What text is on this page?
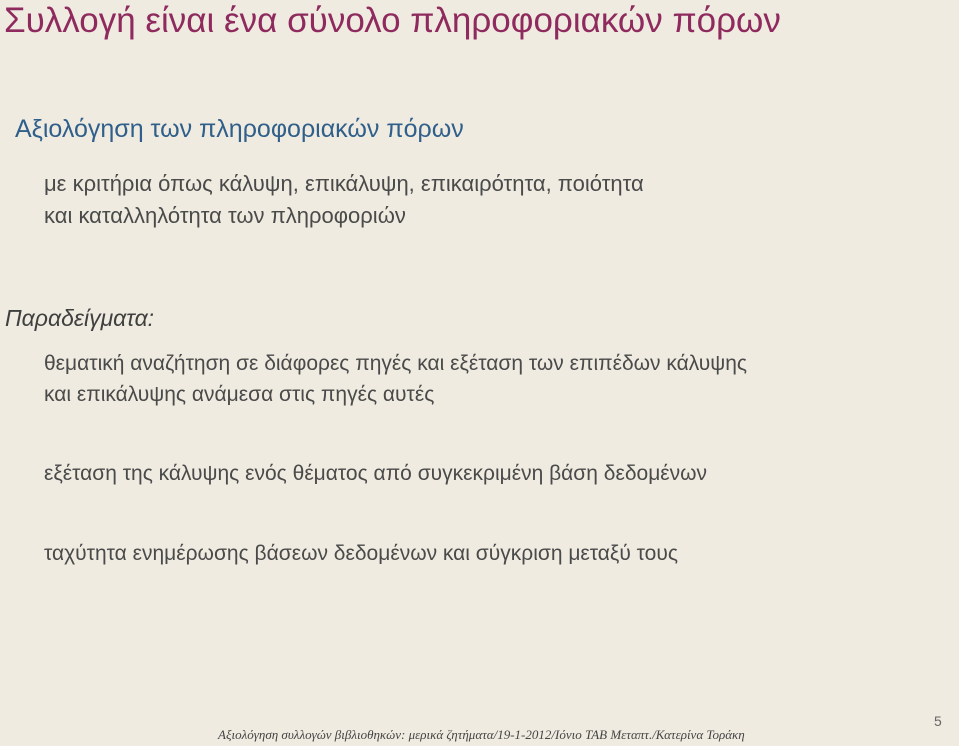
Συλλογή είναι ένα σύνολο πληροφοριακών πόρων
Αξιολόγηση των πληροφοριακών πόρων
με κριτήρια όπως κάλυψη, επικάλυψη, επικαιρότητα, ποιότητα
και καταλληλότητα των πληροφοριών
Παραδείγματα:
θεματική αναζήτηση σε διάφορες πηγές και εξέταση των επιπέδων κάλυψης
και επικάλυψης ανάμεσα στις πηγές αυτές
εξέταση της κάλυψης ενός θέματος από συγκεκριμένη βάση δεδομένων
ταχύτητα ενημέρωσης βάσεων δεδομένων και σύγκριση μεταξύ τους
Αξιολόγηση συλλογών βιβλιοθηκών: μερικά ζητήματα/19-1-2012/Ιόνιο ΤΑΒ Μεταπτ./Κατερίνα Τοράκη
5
